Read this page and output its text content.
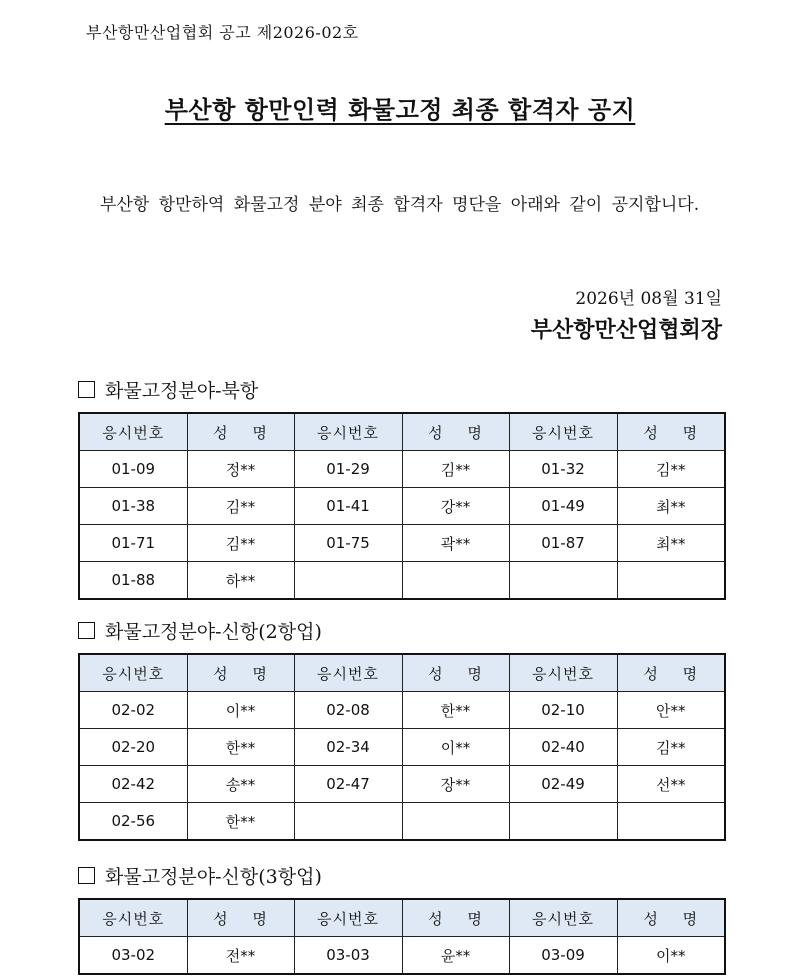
부산항만산업협회 공고 제2026-02호
부산항 항만인력 화물고정 최종 합격자 공지
부산항 항만하역 화물고정 분야 최종 합격자 명단을 아래와 같이 공지합니다.
2026년 08월 31일
부산항만산업협회장
화물고정분야-북항
응시번호	성 명	응시번호	성 명	응시번호	성 명
01-09	정**	01-29	김**	01-32	김**
01-38	김**	01-41	강**	01-49	최**
01-71	김**	01-75	곽**	01-87	최**
01-88	하**				
화물고정분야-신항(2항업)
응시번호	성 명	응시번호	성 명	응시번호	성 명
02-02	이**	02-08	한**	02-10	안**
02-20	한**	02-34	이**	02-40	김**
02-42	송**	02-47	장**	02-49	선**
02-56	한**				
화물고정분야-신항(3항업)
응시번호	성 명	응시번호	성 명	응시번호	성 명
03-02	전**	03-03	윤**	03-09	이**
